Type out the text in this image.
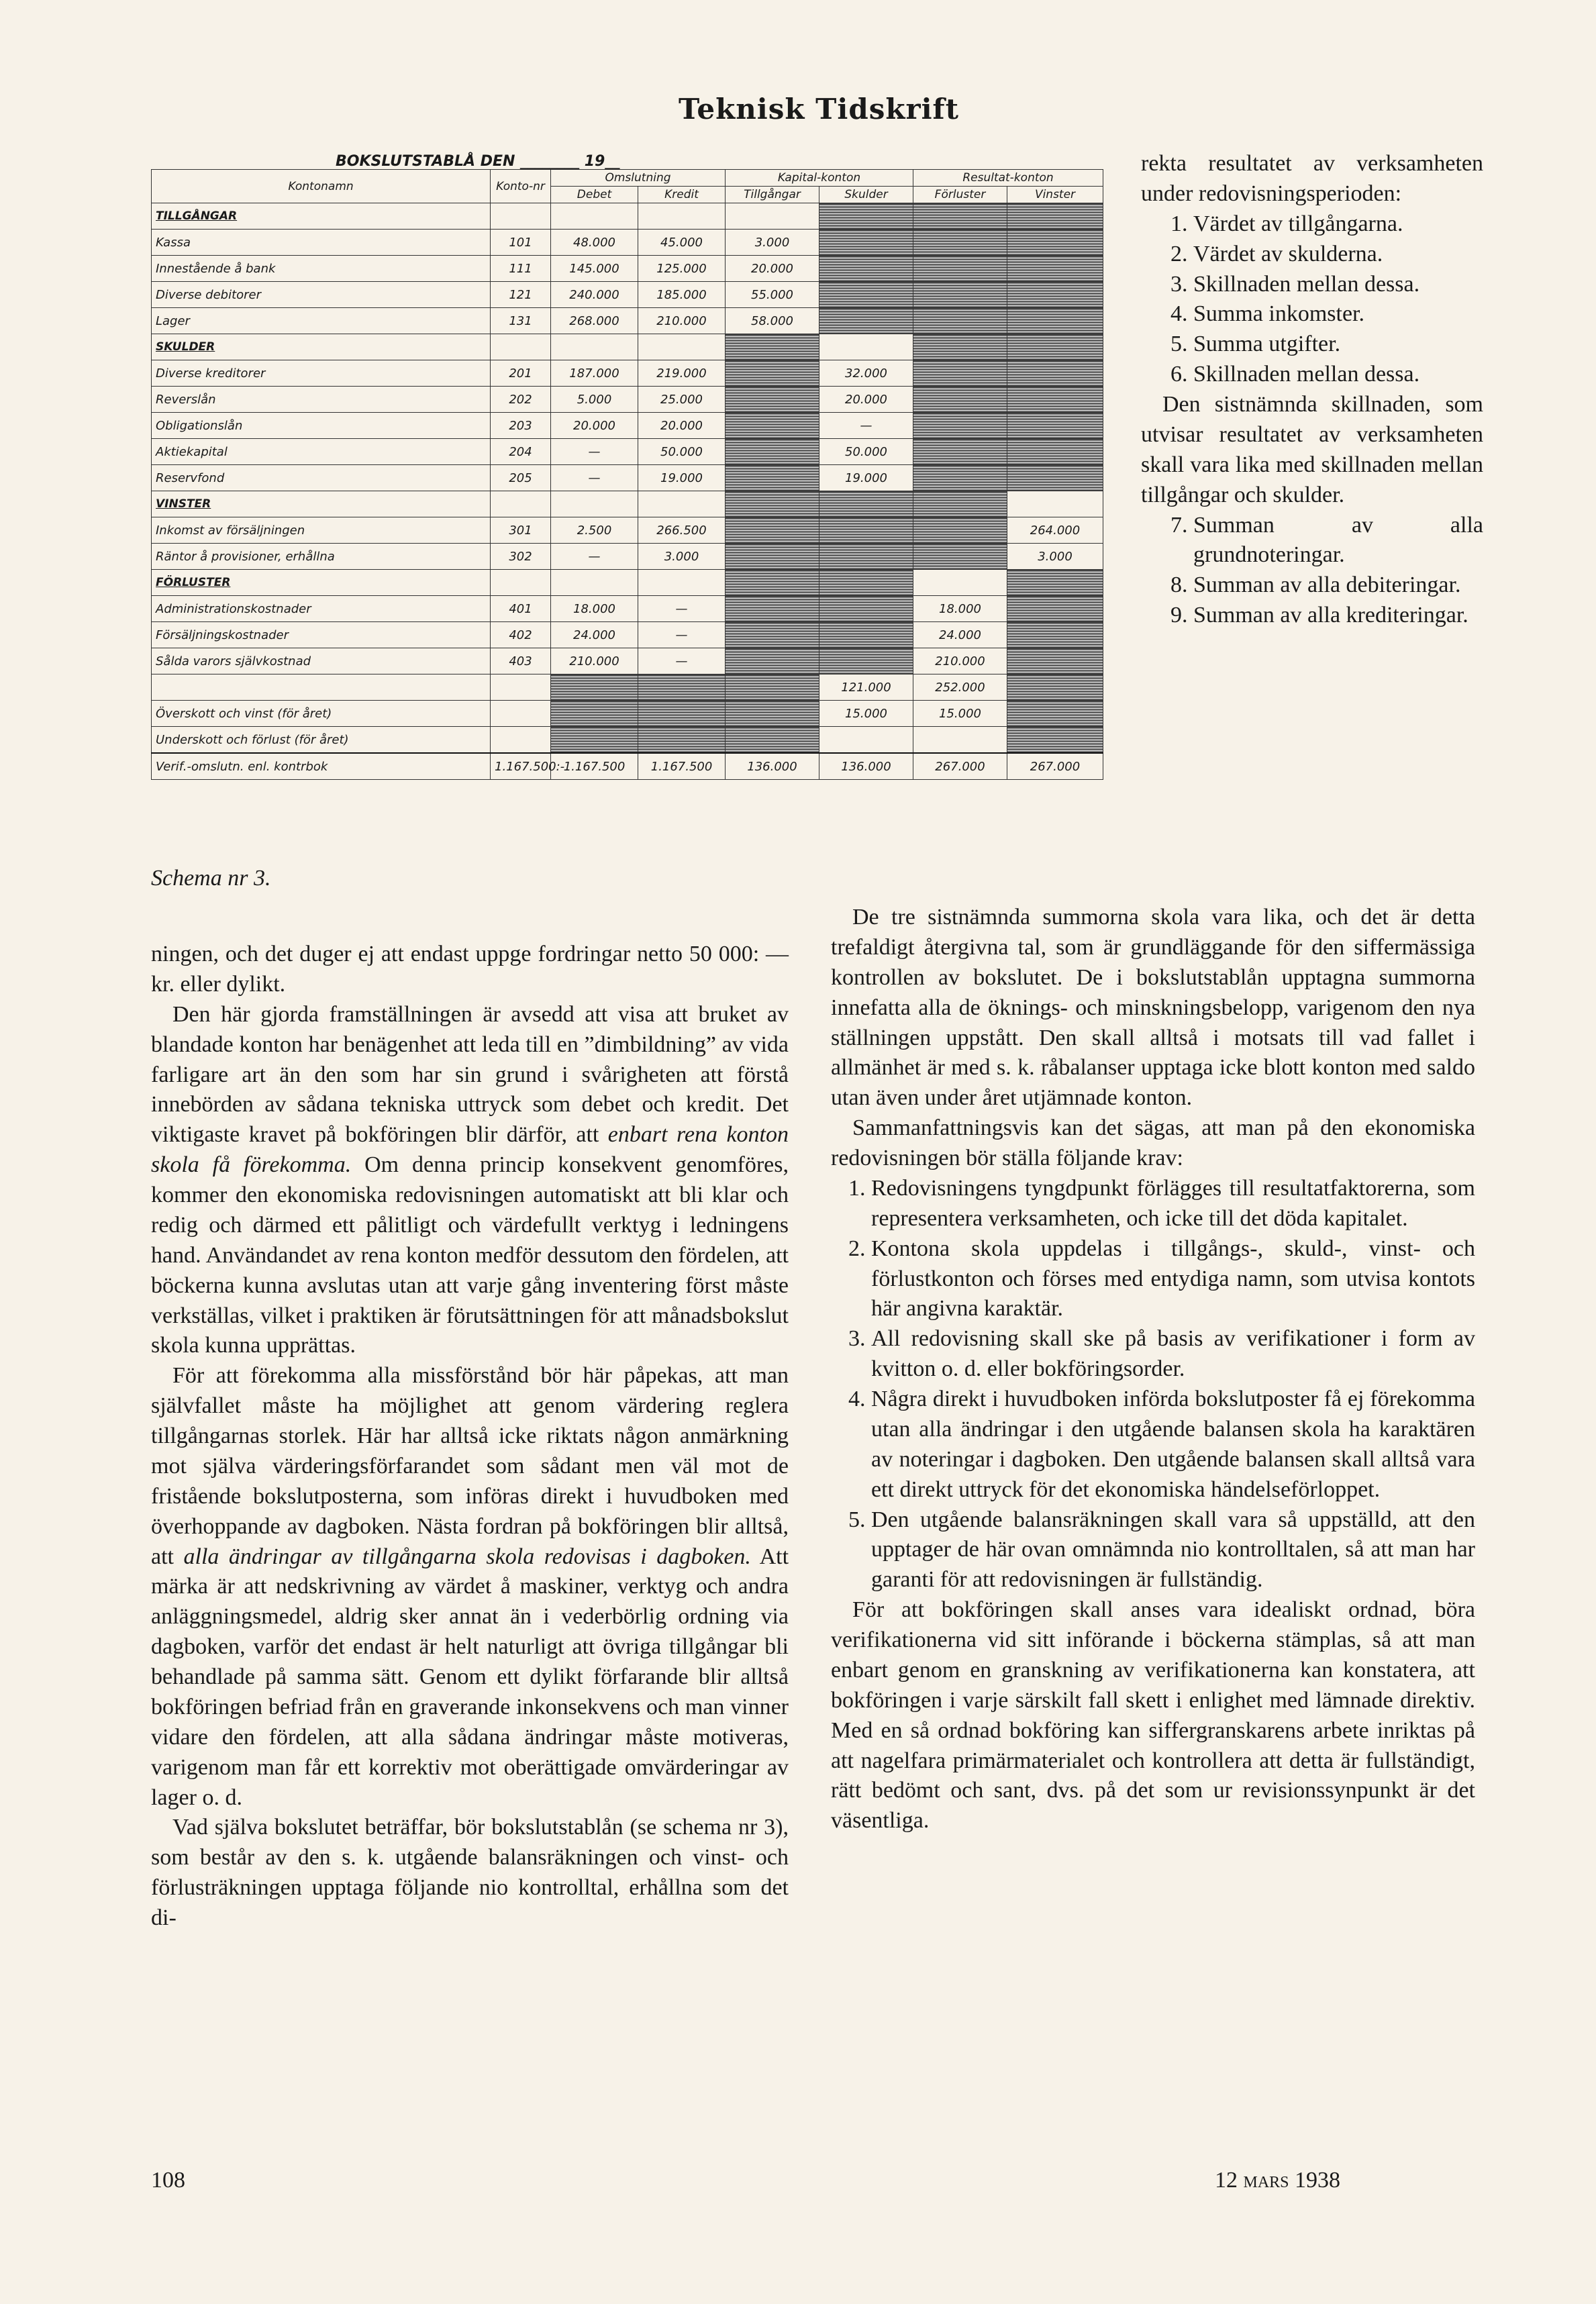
Teknisk Tidskrift
BOKSLUTSTABLÅ DEN ________ 19__
Kontonamn	Konto-nr	Omslutning		Kapital-konton		Resultat-konton	
		Debet	Kredit	Tillgångar	Skulder	Förluster	Vinster
TILLGÅNGAR							
Kassa	101	48.000	45.000	3.000			
Innestående å bank	111	145.000	125.000	20.000			
Diverse debitorer	121	240.000	185.000	55.000			
Lager	131	268.000	210.000	58.000			
SKULDER							
Diverse kreditorer	201	187.000	219.000		32.000		
Reverslån	202	5.000	25.000		20.000		
Obligationslån	203	20.000	20.000		—		
Aktiekapital	204	—	50.000		50.000		
Reservfond	205	—	19.000		19.000		
VINSTER							
Inkomst av försäljningen	301	2.500	266.500				264.000
Räntor å provisioner, erhållna	302	—	3.000				3.000
FÖRLUSTER							
Administrationskostnader	401	18.000	—			18.000	
Försäljningskostnader	402	24.000	—			24.000	
Sålda varors självkostnad	403	210.000	—			210.000	
					121.000	252.000	
Överskott och vinst (för året)					15.000	15.000	
Underskott och förlust (för året)							
Verif.-omslutn. enl. kontrbok	1.167.500:-	1.167.500	1.167.500	136.000	136.000	267.000	267.000
Schema nr 3.

rekta resultatet av verksamheten under redovisningsperioden:

1. Värdet av tillgångarna.
2. Värdet av skulderna.
3. Skillnaden mellan dessa.
4. Summa inkomster.
5. Summa utgifter.
6. Skillnaden mellan dessa.

Den sistnämnda skillnaden, som utvisar resultatet av verksamheten skall vara lika med skillnaden mellan tillgångar och skulder.

7. Summan av alla grundnoteringar.
8. Summan av alla debiteringar.
9. Summan av alla krediteringar.

ningen, och det duger ej att endast uppge fordringar netto 50 000: — kr. eller dylikt.

Den här gjorda framställningen är avsedd att visa att bruket av blandade konton har benägenhet att leda till en ”dimbildning” av vida farligare art än den som har sin grund i svårigheten att förstå innebörden av sådana tekniska uttryck som debet och kredit. Det viktigaste kravet på bokföringen blir därför, att enbart rena konton skola få förekomma. Om denna princip konsekvent genomföres, kommer den ekonomiska redovisningen automatiskt att bli klar och redig och därmed ett pålitligt och värdefullt verktyg i ledningens hand. Användandet av rena konton medför dessutom den fördelen, att böckerna kunna avslutas utan att varje gång inventering först måste verkställas, vilket i praktiken är förutsättningen för att månadsbokslut skola kunna upprättas.

För att förekomma alla missförstånd bör här påpekas, att man självfallet måste ha möjlighet att genom värdering reglera tillgångarnas storlek. Här har alltså icke riktats någon anmärkning mot själva värderingsförfarandet som sådant men väl mot de fristående bokslutposterna, som införas direkt i huvudboken med överhoppande av dagboken. Nästa fordran på bokföringen blir alltså, att alla ändringar av tillgångarna skola redovisas i dagboken. Att märka är att nedskrivning av värdet å maskiner, verktyg och andra anläggningsmedel, aldrig sker annat än i vederbörlig ordning via dagboken, varför det endast är helt naturligt att övriga tillgångar bli behandlade på samma sätt. Genom ett dylikt förfarande blir alltså bokföringen befriad från en graverande inkonsekvens och man vinner vidare den fördelen, att alla sådana ändringar måste motiveras, varigenom man får ett korrektiv mot oberättigade omvärderingar av lager o. d.

Vad själva bokslutet beträffar, bör bokslutstablån (se schema nr 3), som består av den s. k. utgående balansräkningen och vinst- och förlusträkningen upptaga följande nio kontrolltal, erhållna som det di-

De tre sistnämnda summorna skola vara lika, och det är detta trefaldigt återgivna tal, som är grundläggande för den siffermässiga kontrollen av bokslutet. De i bokslutstablån upptagna summorna innefatta alla de öknings- och minskningsbelopp, varigenom den nya ställningen uppstått. Den skall alltså i motsats till vad fallet i allmänhet är med s. k. råbalanser upptaga icke blott konton med saldo utan även under året utjämnade konton.

Sammanfattningsvis kan det sägas, att man på den ekonomiska redovisningen bör ställa följande krav:

1. Redovisningens tyngdpunkt förlägges till resultatfaktorerna, som representera verksamheten, och icke till det döda kapitalet.
2. Kontona skola uppdelas i tillgångs-, skuld-, vinst- och förlustkonton och förses med entydiga namn, som utvisa kontots här angivna karaktär.
3. All redovisning skall ske på basis av verifikationer i form av kvitton o. d. eller bokföringsorder.
4. Några direkt i huvudboken införda bokslutposter få ej förekomma utan alla ändringar i den utgående balansen skola ha karaktären av noteringar i dagboken. Den utgående balansen skall alltså vara ett direkt uttryck för det ekonomiska händelseförloppet.
5. Den utgående balansräkningen skall vara så uppställd, att den upptager de här ovan omnämnda nio kontrolltalen, så att man har garanti för att redovisningen är fullständig.

För att bokföringen skall anses vara idealiskt ordnad, böra verifikationerna vid sitt införande i böckerna stämplas, så att man enbart genom en granskning av verifikationerna kan konstatera, att bokföringen i varje särskilt fall skett i enlighet med lämnade direktiv. Med en så ordnad bokföring kan siffergranskarens arbete inriktas på att nagelfara primärmaterialet och kontrollera att detta är fullständigt, rätt bedömt och sant, dvs. på det som ur revisionssynpunkt är det väsentliga.

108	12 mars 1938
